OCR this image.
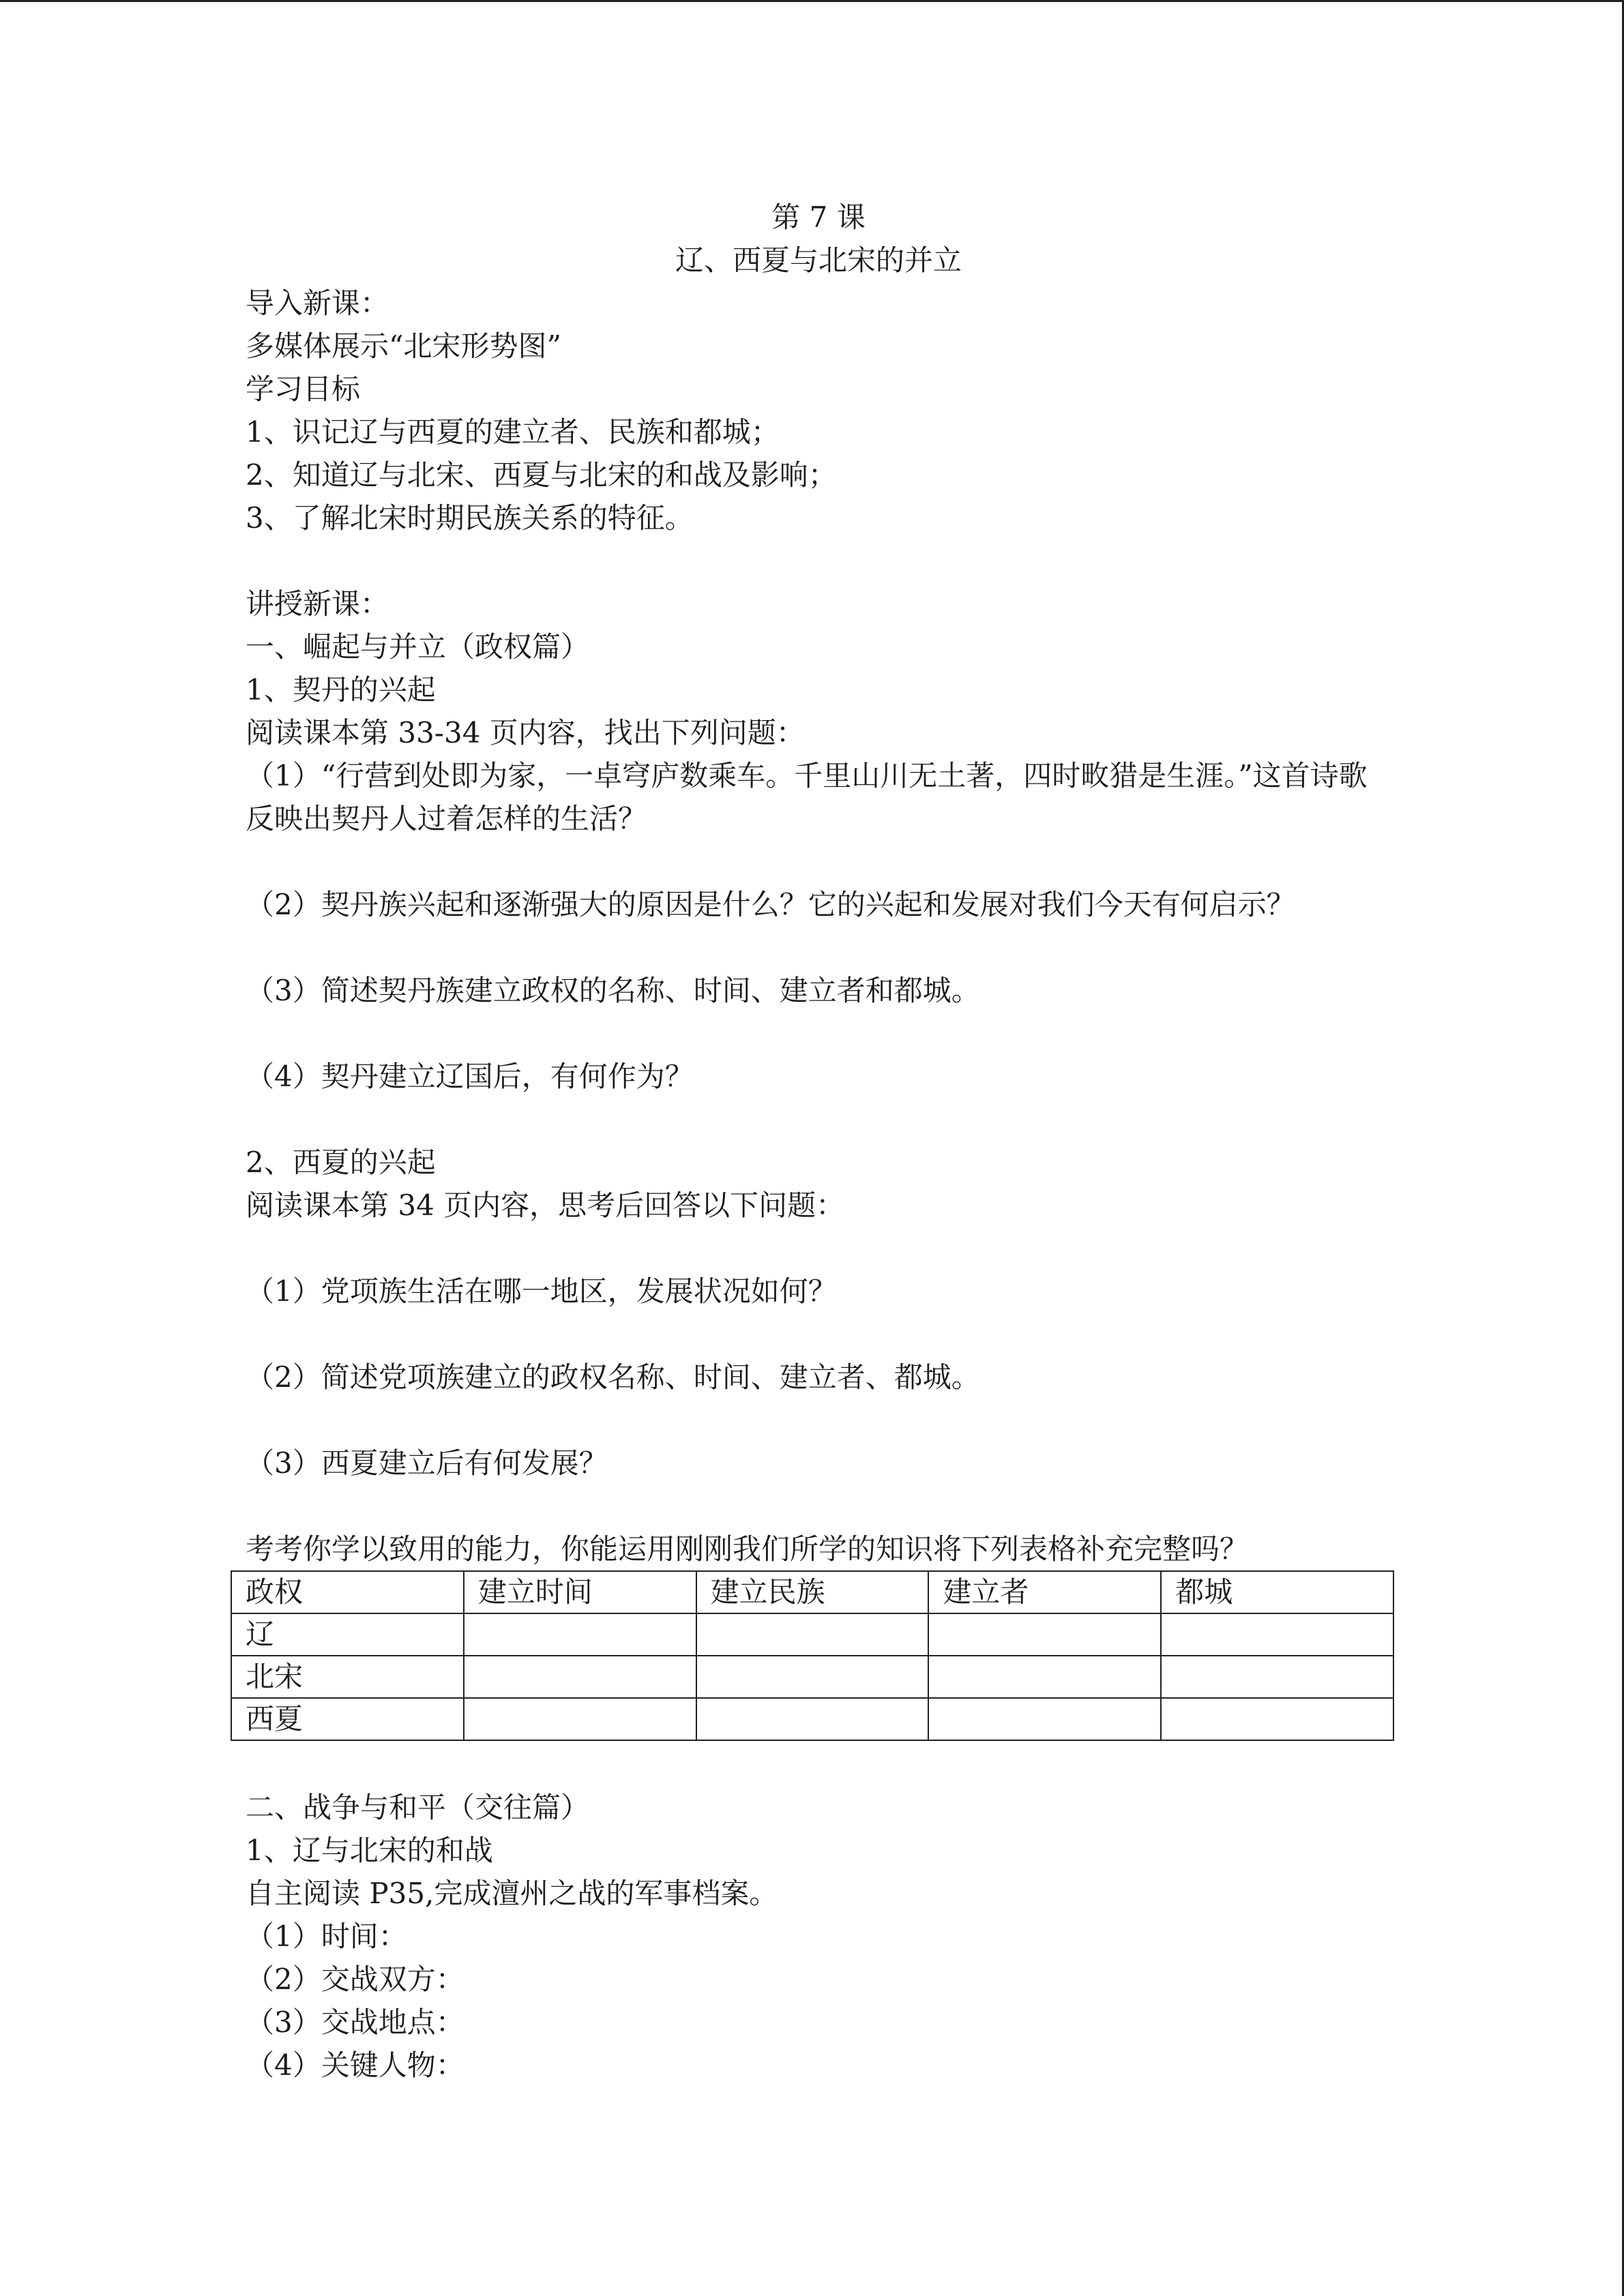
第 7 课
辽、西夏与北宋的并立
导入新课：
多媒体展示“北宋形势图”
学习目标
1、识记辽与西夏的建立者、民族和都城；
2、知道辽与北宋、西夏与北宋的和战及影响；
3、了解北宋时期民族关系的特征。
讲授新课：
一、崛起与并立（政权篇）
1、契丹的兴起
阅读课本第 33-34 页内容，找出下列问题：
（1）“行营到处即为家，一卓穹庐数乘车。千里山川无土著，四时畋猎是生涯。”这首诗歌反映出契丹人过着怎样的生活？
（2）契丹族兴起和逐渐强大的原因是什么？它的兴起和发展对我们今天有何启示？
（3）简述契丹族建立政权的名称、时间、建立者和都城。
（4）契丹建立辽国后，有何作为？
2、西夏的兴起
阅读课本第 34 页内容，思考后回答以下问题：
（1）党项族生活在哪一地区，发展状况如何？
（2）简述党项族建立的政权名称、时间、建立者、都城。
（3）西夏建立后有何发展？
考考你学以致用的能力，你能运用刚刚我们所学的知识将下列表格补充完整吗？
政权	建立时间	建立民族	建立者	都城
辽				
北宋				
西夏				
二、战争与和平（交往篇）
1、辽与北宋的和战
自主阅读 P35,完成澶州之战的军事档案。
（1）时间：
（2）交战双方：
（3）交战地点：
（4）关键人物：
